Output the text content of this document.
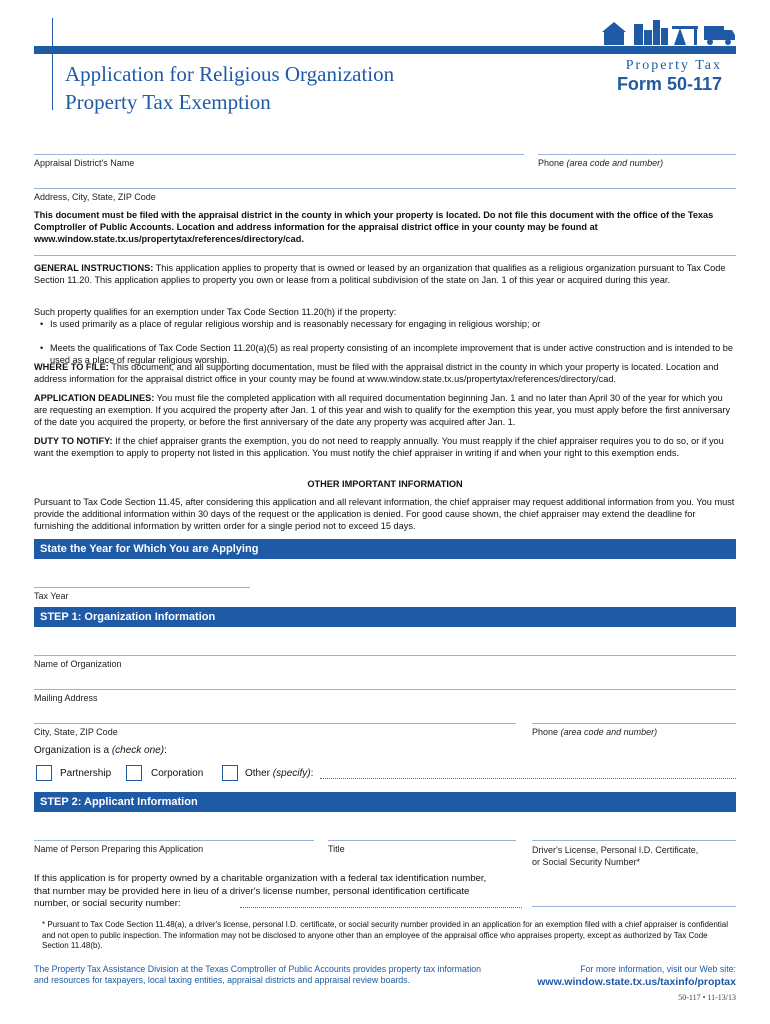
Application for Religious Organization
Property Tax Exemption
Property Tax
Form 50-117
Appraisal District's Name	Phone (area code and number)
Address, City, State, ZIP Code
This document must be filed with the appraisal district in the county in which your property is located. Do not file this document with the office of the Texas Comptroller of Public Accounts. Location and address information for the appraisal district office in your county may be found at www.window.state.tx.us/propertytax/references/directory/cad.
GENERAL INSTRUCTIONS: This application applies to property that is owned or leased by an organization that qualifies as a religious organization pursuant to Tax Code Section 11.20. This application applies to property you own or lease from a political subdivision of the state on Jan. 1 of this year or acquired during this year.
Such property qualifies for an exemption under Tax Code Section 11.20(h) if the property:
• Is used primarily as a place of regular religious worship and is reasonably necessary for engaging in religious worship; or
• Meets the qualifications of Tax Code Section 11.20(a)(5) as real property consisting of an incomplete improvement that is under active construction and is intended to be used as a place of regular religious worship.
WHERE TO FILE: This document, and all supporting documentation, must be filed with the appraisal district in the county in which your property is located. Location and address information for the appraisal district office in your county may be found at www.window.state.tx.us/propertytax/references/directory/cad.
APPLICATION DEADLINES: You must file the completed application with all required documentation beginning Jan. 1 and no later than April 30 of the year for which you are requesting an exemption. If you acquired the property after Jan. 1 of this year and wish to qualify for the exemption this year, you must apply before the first anniversary of the date you acquired the property, or before the first anniversary of the date any property was acquired after Jan. 1.
DUTY TO NOTIFY: If the chief appraiser grants the exemption, you do not need to reapply annually. You must reapply if the chief appraiser requires you to do so, or if you want the exemption to apply to property not listed in this application. You must notify the chief appraiser in writing if and when your right to this exemption ends.
OTHER IMPORTANT INFORMATION
Pursuant to Tax Code Section 11.45, after considering this application and all relevant information, the chief appraiser may request additional information from you. You must provide the additional information within 30 days of the request or the application is denied. For good cause shown, the chief appraiser may extend the deadline for furnishing the additional information by written order for a single period not to exceed 15 days.
State the Year for Which You are Applying
Tax Year
STEP 1: Organization Information
Name of Organization
Mailing Address
City, State, ZIP Code	Phone (area code and number)
Organization is a (check one):
Partnership	Corporation	Other (specify):
STEP 2: Applicant Information
Name of Person Preparing this Application	Title	Driver's License, Personal I.D. Certificate,
or Social Security Number*
If this application is for property owned by a charitable organization with a federal tax identification number, that number may be provided here in lieu of a driver's license number, personal identification certificate number, or social security number:
* Pursuant to Tax Code Section 11.48(a), a driver's license, personal I.D. certificate, or social security number provided in an application for an exemption filed with a chief appraiser is confidential and not open to public inspection. The information may not be disclosed to anyone other than an employee of the appraisal office who appraises property, except as authorized by Tax Code Section 11.48(b).
The Property Tax Assistance Division at the Texas Comptroller of Public Accounts provides property tax information and resources for taxpayers, local taxing entities, appraisal districts and appraisal review boards.
For more information, visit our Web site:
www.window.state.tx.us/taxinfo/proptax
50-117 • 11-13/13
